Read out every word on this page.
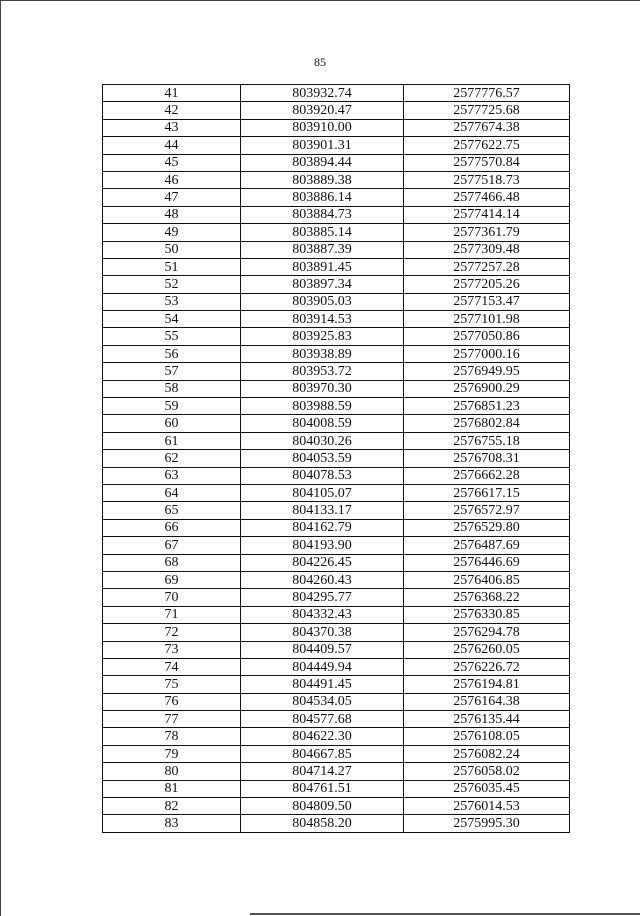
85
41	803932.74	2577776.57
42	803920.47	2577725.68
43	803910.00	2577674.38
44	803901.31	2577622.75
45	803894.44	2577570.84
46	803889.38	2577518.73
47	803886.14	2577466.48
48	803884.73	2577414.14
49	803885.14	2577361.79
50	803887.39	2577309.48
51	803891.45	2577257.28
52	803897.34	2577205.26
53	803905.03	2577153.47
54	803914.53	2577101.98
55	803925.83	2577050.86
56	803938.89	2577000.16
57	803953.72	2576949.95
58	803970.30	2576900.29
59	803988.59	2576851.23
60	804008.59	2576802.84
61	804030.26	2576755.18
62	804053.59	2576708.31
63	804078.53	2576662.28
64	804105.07	2576617.15
65	804133.17	2576572.97
66	804162.79	2576529.80
67	804193.90	2576487.69
68	804226.45	2576446.69
69	804260.43	2576406.85
70	804295.77	2576368.22
71	804332.43	2576330.85
72	804370.38	2576294.78
73	804409.57	2576260.05
74	804449.94	2576226.72
75	804491.45	2576194.81
76	804534.05	2576164.38
77	804577.68	2576135.44
78	804622.30	2576108.05
79	804667.85	2576082.24
80	804714.27	2576058.02
81	804761.51	2576035.45
82	804809.50	2576014.53
83	804858.20	2575995.30
